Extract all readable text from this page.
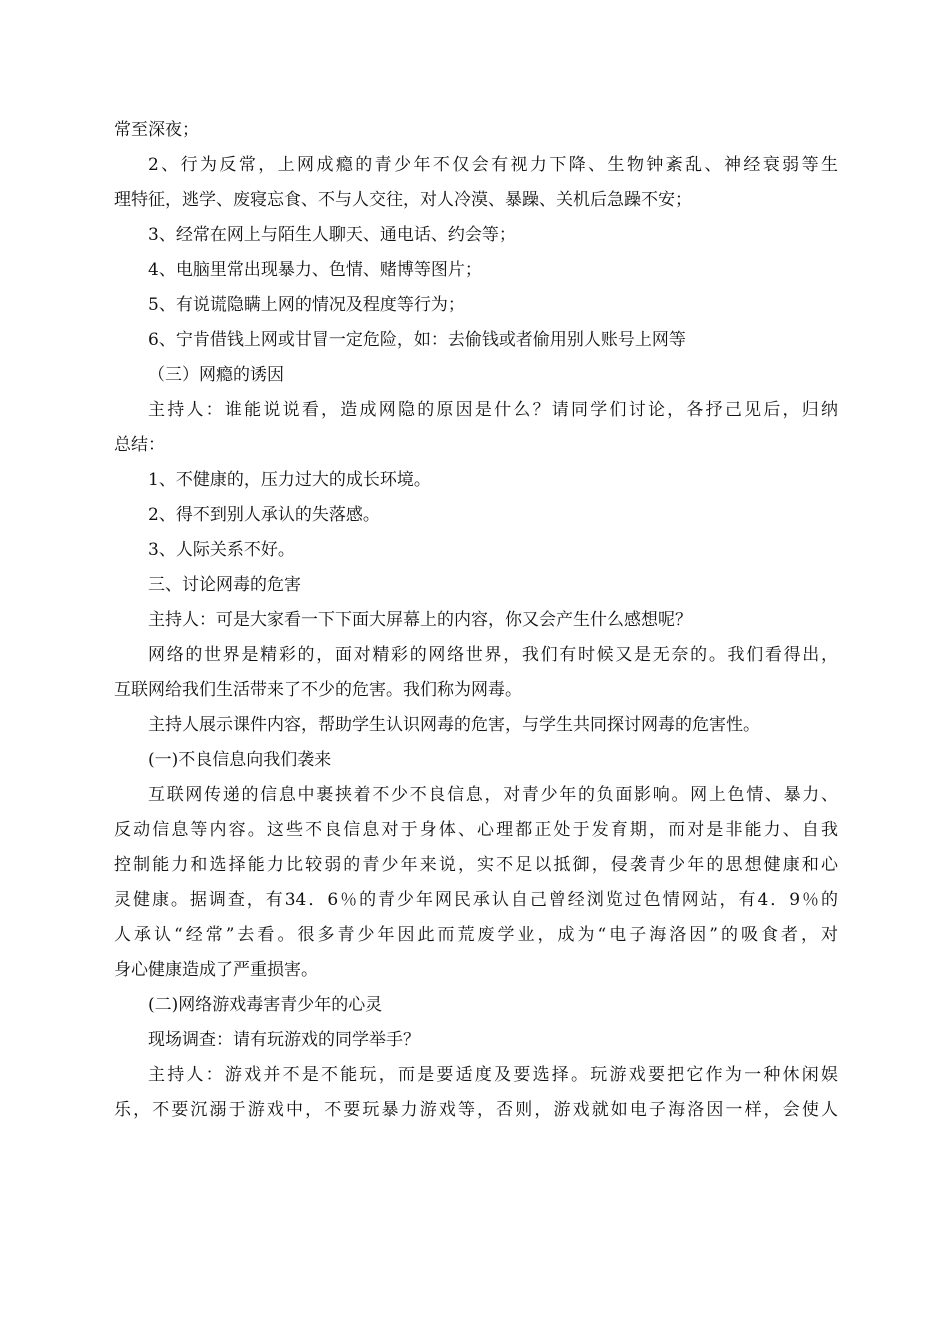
常至深夜；
2、行为反常，上网成瘾的青少年不仅会有视力下降、生物钟紊乱、神经衰弱等生
理特征，逃学、废寝忘食、不与人交往，对人冷漠、暴躁、关机后急躁不安；
3、经常在网上与陌生人聊天、通电话、约会等；
4、电脑里常出现暴力、色情、赌博等图片；
5、有说谎隐瞒上网的情况及程度等行为；
6、宁肯借钱上网或甘冒一定危险，如：去偷钱或者偷用别人账号上网等
（三）网瘾的诱因
主持人：谁能说说看，造成网隐的原因是什么？请同学们讨论，各抒己见后，归纳
总结：
1、不健康的，压力过大的成长环境。
2、得不到别人承认的失落感。
3、人际关系不好。
三、讨论网毒的危害
主持人：可是大家看一下下面大屏幕上的内容，你又会产生什么感想呢？
网络的世界是精彩的，面对精彩的网络世界，我们有时候又是无奈的。我们看得出，
互联网给我们生活带来了不少的危害。我们称为网毒。
主持人展示课件内容，帮助学生认识网毒的危害，与学生共同探讨网毒的危害性。
(一)不良信息向我们袭来
互联网传递的信息中裹挟着不少不良信息，对青少年的负面影响。网上色情、暴力、
反动信息等内容。这些不良信息对于身体、心理都正处于发育期，而对是非能力、自我
控制能力和选择能力比较弱的青少年来说，实不足以抵御，侵袭青少年的思想健康和心
灵健康。据调查，有34．6％的青少年网民承认自己曾经浏览过色情网站，有4．9％的
人承认“经常”去看。很多青少年因此而荒废学业，成为“电子海洛因”的吸食者，对
身心健康造成了严重损害。
(二)网络游戏毒害青少年的心灵
现场调查：请有玩游戏的同学举手？
主持人：游戏并不是不能玩，而是要适度及要选择。玩游戏要把它作为一种休闲娱
乐，不要沉溺于游戏中，不要玩暴力游戏等，否则，游戏就如电子海洛因一样，会使人
